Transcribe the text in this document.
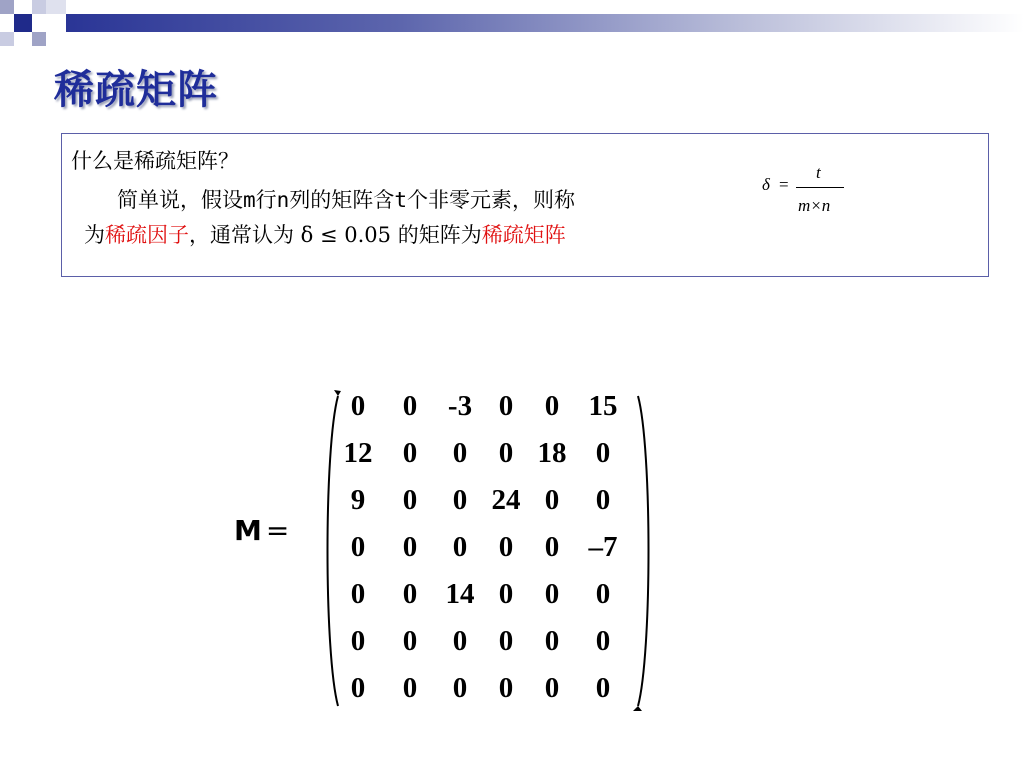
稀疏矩阵
什么是稀疏矩阵？
简单说，假设m行n列的矩阵含t个非零元素，则称
为稀疏因子，通常认为 δ ≤ 0.05 的矩阵为稀疏矩阵
δ =
t
m×n
M =
0 0 -3 0 0 15
12 0 0 0 18 0
9 0 0 24 0 0
0 0 0 0 0 –7
0 0 14 0 0 0
0 0 0 0 0 0
0 0 0 0 0 0
